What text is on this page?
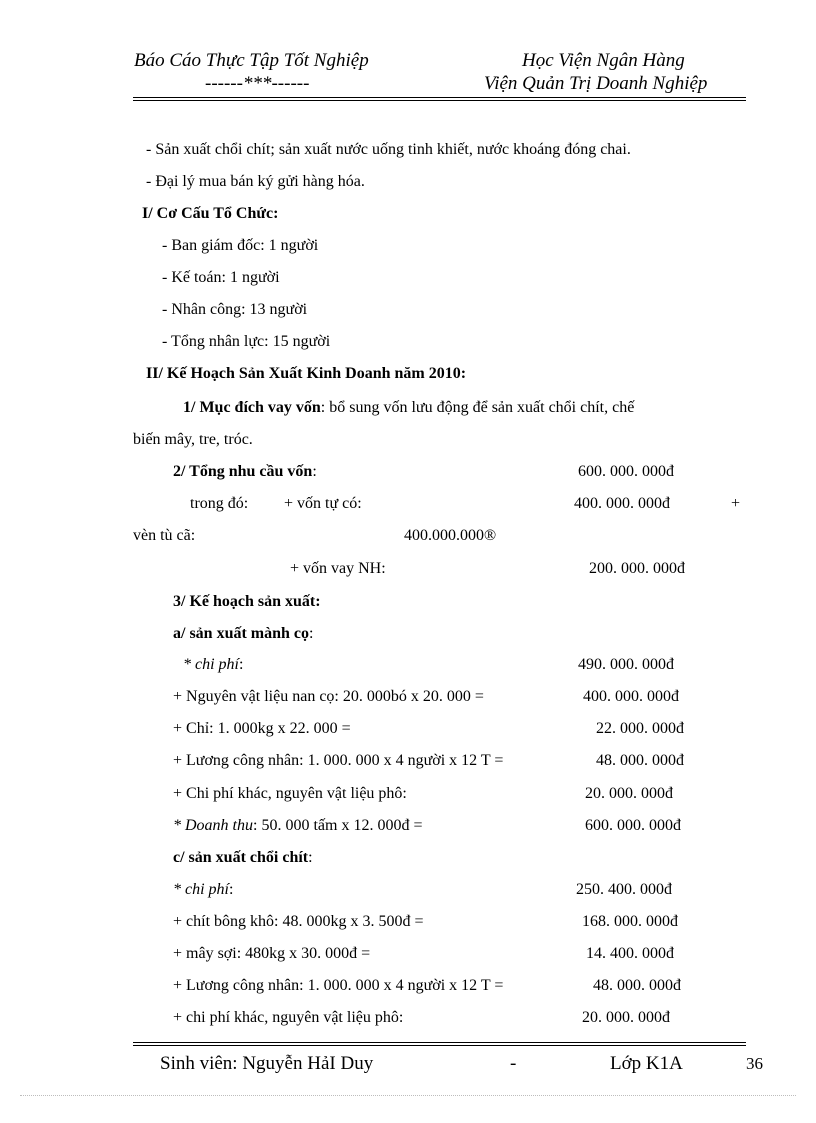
Báo Cáo Thực Tập Tốt Nghiệp
------***------
Học Viện Ngân Hàng
Viện Quản Trị Doanh Nghiệp
- Sản xuất chổi chít; sản xuất nước uống tinh khiết, nước khoáng đóng chai.
- Đại lý mua bán ký gửi hàng hóa.
I/ Cơ Cấu Tổ Chức:
- Ban giám đốc: 1 người
- Kế toán: 1 người
- Nhân công: 13 người
- Tổng nhân lực: 15 người
II/ Kế Hoạch Sản Xuất Kinh Doanh năm 2010:
1/ Mục đích vay vốn: bổ sung vốn lưu động để sản xuất chổi chít, chế
biến mây, tre, tróc.
2/ Tổng nhu cầu vốn:	600. 000. 000đ
trong đó: + vốn tự có:	400. 000. 000đ	+
vèn tù cã:	400.000.000®
+ vốn vay NH:	200. 000. 000đ
3/ Kế hoạch sản xuất:
a/ sản xuất mành cọ:
* chi phí:	490. 000. 000đ
+ Nguyên vật liệu nan cọ: 20. 000bó x 20. 000 =	400. 000. 000đ
+ Chỉ: 1. 000kg x 22. 000 =	22. 000. 000đ
+ Lương công nhân: 1. 000. 000 x 4 người x 12 T =	48. 000. 000đ
+ Chi phí khác, nguyên vật liệu phô:	20. 000. 000đ
* Doanh thu: 50. 000 tấm x 12. 000đ =	600. 000. 000đ
c/ sản xuất chổi chít:
* chi phí:	250. 400. 000đ
+ chít bông khô: 48. 000kg x 3. 500đ =	168. 000. 000đ
+ mây sợi: 480kg x 30. 000đ =	14. 400. 000đ
+ Lương công nhân: 1. 000. 000 x 4 người x 12 T =	48. 000. 000đ
+ chi phí khác, nguyên vật liệu phô:	20. 000. 000đ
Sinh viên: Nguyễn HảI Duy	-	Lớp K1A	36
